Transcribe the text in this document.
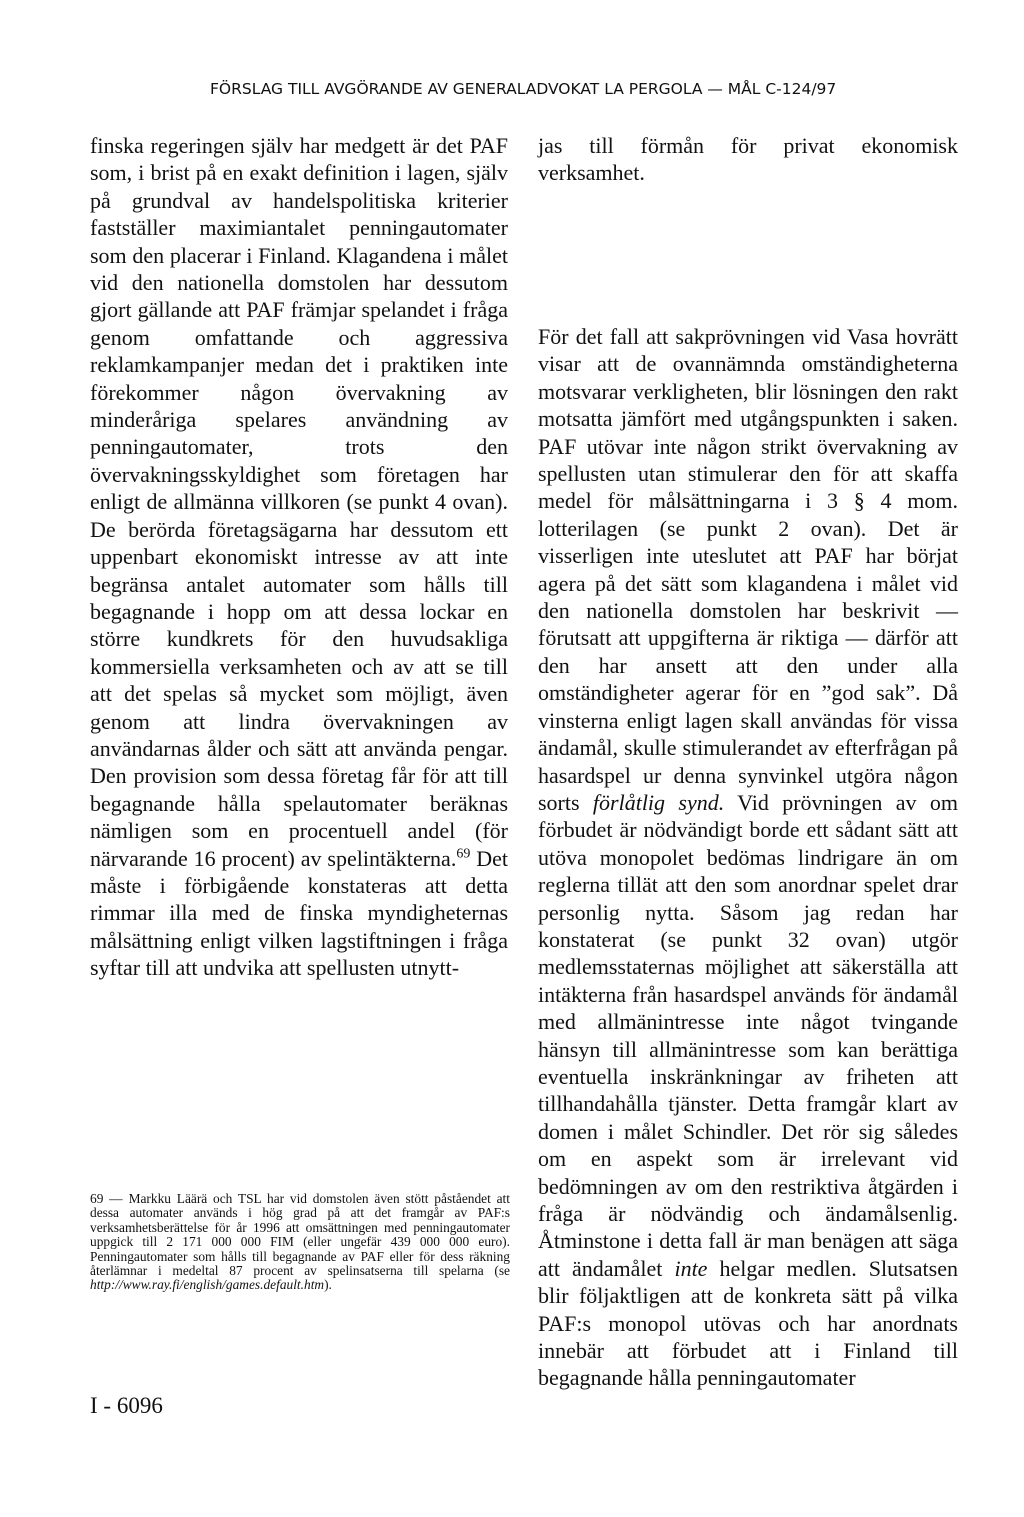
FÖRSLAG TILL AVGÖRANDE AV GENERALADVOKAT LA PERGOLA — MÅL C-124/97

finska regeringen själv har medgett är det PAF som, i brist på en exakt definition i lagen, själv på grundval av handelspolitiska kriterier fastställer maximiantalet penningautomater som den placerar i Finland. Klagandena i målet vid den nationella domstolen har dessutom gjort gällande att PAF främjar spelandet i fråga genom omfattande och aggressiva reklamkampanjer medan det i praktiken inte förekommer någon övervakning av minderåriga spelares användning av penningautomater, trots den övervakningsskyldighet som företagen har enligt de allmänna villkoren (se punkt 4 ovan). De berörda företagsägarna har dessutom ett uppenbart ekonomiskt intresse av att inte begränsa antalet automater som hålls till begagnande i hopp om att dessa lockar en större kundkrets för den huvudsakliga kommersiella verksamheten och av att se till att det spelas så mycket som möjligt, även genom att lindra övervakningen av användarnas ålder och sätt att använda pengar. Den provision som dessa företag får för att till begagnande hålla spelautomater beräknas nämligen som en procentuell andel (för närvarande 16 procent) av spelintäkterna.$^{69}$ Det måste i förbigående konstateras att detta rimmar illa med de finska myndigheternas målsättning enligt vilken lagstiftningen i fråga syftar till att undvika att spellusten utnytt-

jas till förmån för privat ekonomisk verksamhet.

För det fall att sakprövningen vid Vasa hovrätt visar att de ovannämnda omständigheterna motsvarar verkligheten, blir lösningen den rakt motsatta jämfört med utgångspunkten i saken. PAF utövar inte någon strikt övervakning av spellusten utan stimulerar den för att skaffa medel för målsättningarna i 3 § 4 mom. lotterilagen (se punkt 2 ovan). Det är visserligen inte uteslutet att PAF har börjat agera på det sätt som klagandena i målet vid den nationella domstolen har beskrivit — förutsatt att uppgifterna är riktiga — därför att den har ansett att den under alla omständigheter agerar för en ”god sak”. Då vinsterna enligt lagen skall användas för vissa ändamål, skulle stimulerandet av efterfrågan på hasardspel ur denna synvinkel utgöra någon sorts förlåtlig synd. Vid prövningen av om förbudet är nödvändigt borde ett sådant sätt att utöva monopolet bedömas lindrigare än om reglerna tillät att den som anordnar spelet drar personlig nytta. Såsom jag redan har konstaterat (se punkt 32 ovan) utgör medlemsstaternas möjlighet att säkerställa att intäkterna från hasardspel används för ändamål med allmänintresse inte något tvingande hänsyn till allmänintresse som kan berättiga eventuella inskränkningar av friheten att tillhandahålla tjänster. Detta framgår klart av domen i målet Schindler. Det rör sig således om en aspekt som är irrelevant vid bedömningen av om den restriktiva åtgärden i fråga är nödvändig och ändamålsenlig. Åtminstone i detta fall är man benägen att säga att ändamålet inte helgar medlen. Slutsatsen blir följaktligen att de konkreta sätt på vilka PAF:s monopol utövas och har anordnats innebär att förbudet att i Finland till begagnande hålla penningautomater

69 — Markku Läärä och TSL har vid domstolen även stött påståendet att dessa automater används i hög grad på att det framgår av PAF:s verksamhetsberättelse för år 1996 att omsättningen med penningautomater uppgick till 2 171 000 000 FIM (eller ungefär 439 000 000 euro). Penningautomater som hålls till begagnande av PAF eller för dess räkning återlämnar i medeltal 87 procent av spelinsatserna till spelarna (se http://www.ray.fi/english/games.default.htm).
I - 6096
